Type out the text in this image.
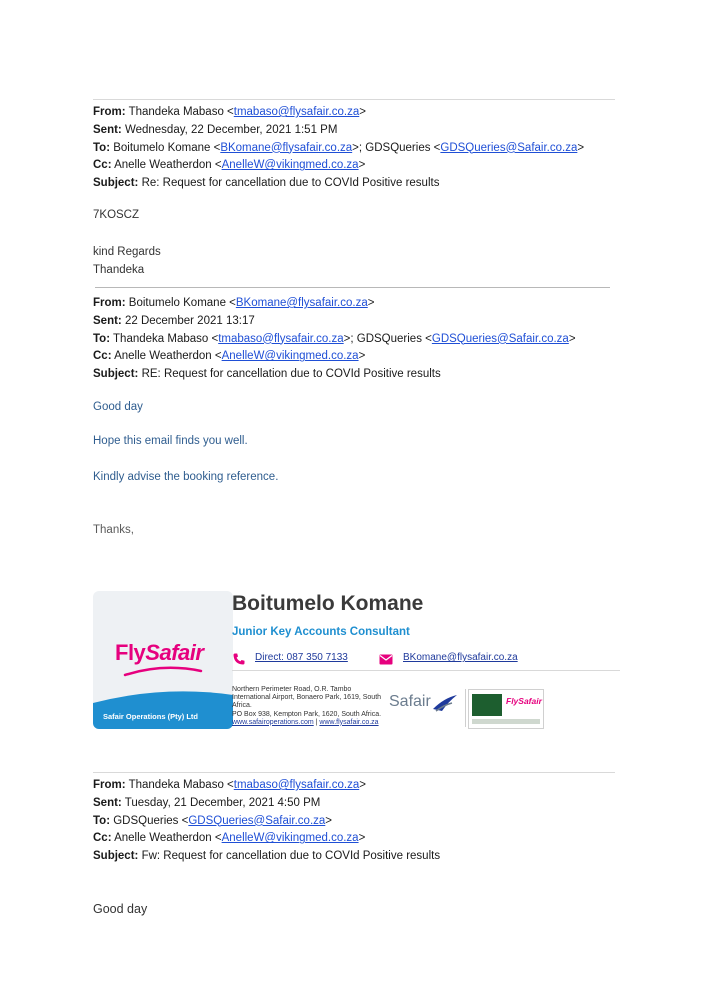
From: Thandeka Mabaso <tmabaso@flysafair.co.za>
Sent: Wednesday, 22 December, 2021 1:51 PM
To: Boitumelo Komane <BKomane@flysafair.co.za>; GDSQueries <GDSQueries@Safair.co.za>
Cc: Anelle Weatherdon <AnelleW@vikingmed.co.za>
Subject: Re: Request for cancellation due to COVId Positive results
7KOSCZ
kind Regards
Thandeka
From: Boitumelo Komane <BKomane@flysafair.co.za>
Sent: 22 December 2021 13:17
To: Thandeka Mabaso <tmabaso@flysafair.co.za>; GDSQueries <GDSQueries@Safair.co.za>
Cc: Anelle Weatherdon <AnelleW@vikingmed.co.za>
Subject: RE: Request for cancellation due to COVId Positive results
Good day
Hope this email finds you well.
Kindly advise the booking reference.
Thanks,
FlySafair
Safair Operations (Pty) Ltd
Boitumelo Komane
Junior Key Accounts Consultant
Direct: 087 350 7133	BKomane@flysafair.co.za
Northern Perimeter Road, O.R. Tambo International Airport, Bonaero Park, 1619, South Africa.
PO Box 938, Kempton Park, 1620, South Africa.
www.safairoperations.com | www.flysafair.co.za
Safair	FlySafair
From: Thandeka Mabaso <tmabaso@flysafair.co.za>
Sent: Tuesday, 21 December, 2021 4:50 PM
To: GDSQueries <GDSQueries@Safair.co.za>
Cc: Anelle Weatherdon <AnelleW@vikingmed.co.za>
Subject: Fw: Request for cancellation due to COVId Positive results
Good day
